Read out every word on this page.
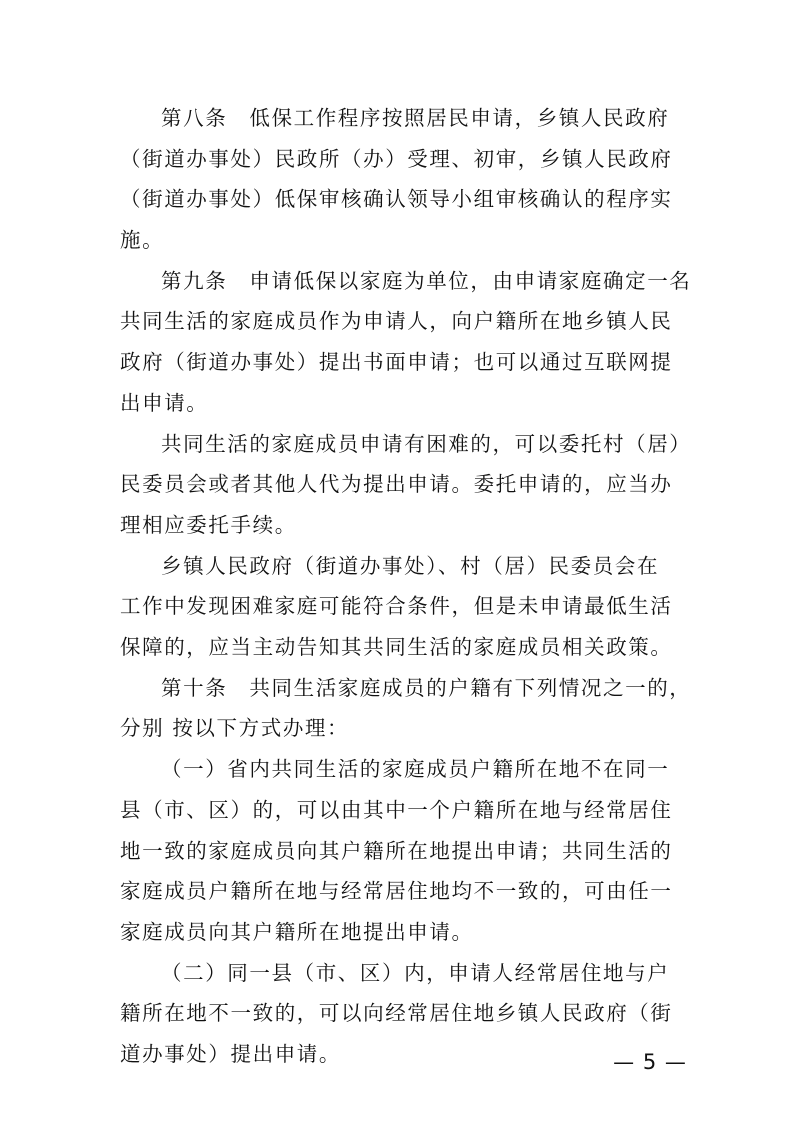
第八条　低保工作程序按照居民申请，乡镇人民政府
（街道办事处）民政所（办）受理、初审，乡镇人民政府
（街道办事处）低保审核确认领导小组审核确认的程序实
施。
第九条　申请低保以家庭为单位，由申请家庭确定一名
共同生活的家庭成员作为申请人，向户籍所在地乡镇人民
政府（街道办事处）提出书面申请；也可以通过互联网提
出申请。
共同生活的家庭成员申请有困难的，可以委托村（居）
民委员会或者其他人代为提出申请。委托申请的，应当办
理相应委托手续。
乡镇人民政府（街道办事处）、村（居）民委员会在
工作中发现困难家庭可能符合条件，但是未申请最低生活
保障的，应当主动告知其共同生活的家庭成员相关政策。
第十条　共同生活家庭成员的户籍有下列情况之一的，
分别 按以下方式办理：
（一）省内共同生活的家庭成员户籍所在地不在同一
县（市、区）的，可以由其中一个户籍所在地与经常居住
地一致的家庭成员向其户籍所在地提出申请；共同生活的
家庭成员户籍所在地与经常居住地均不一致的，可由任一
家庭成员向其户籍所在地提出申请。
（二）同一县（市、区）内，申请人经常居住地与户
籍所在地不一致的，可以向经常居住地乡镇人民政府（街
道办事处）提出申请。	— 5 —
